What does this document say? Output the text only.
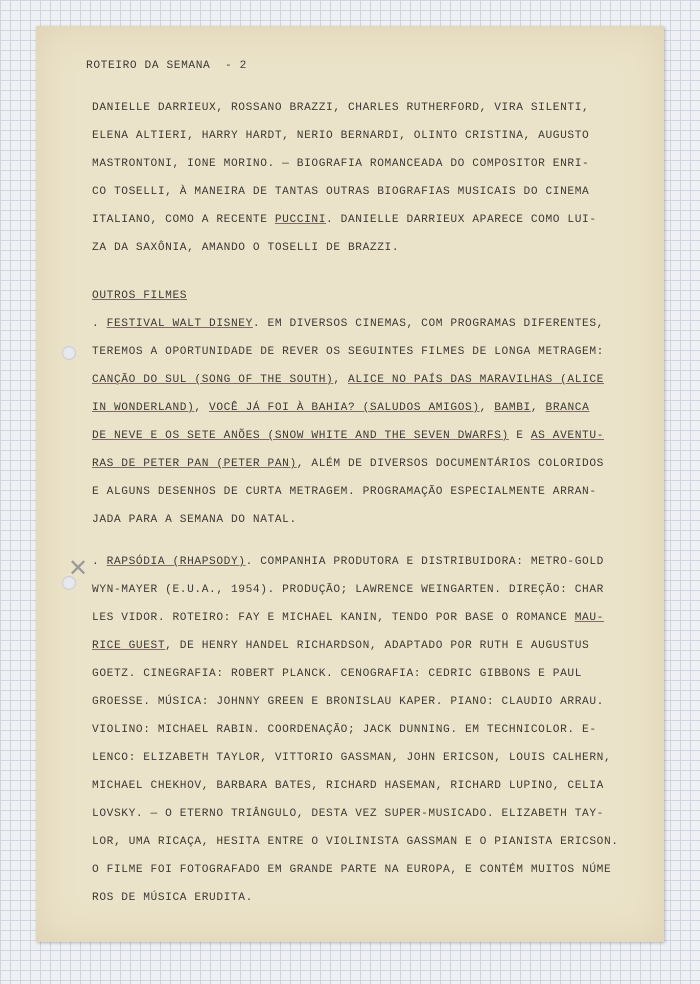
✕
ROTEIRO DA SEMANA - 2
DANIELLE DARRIEUX, ROSSANO BRAZZI, CHARLES RUTHERFORD, VIRA SILENTI,
ELENA ALTIERI, HARRY HARDT, NERIO BERNARDI, OLINTO CRISTINA, AUGUSTO
MASTRONTONI, IONE MORINO. — BIOGRAFIA ROMANCEADA DO COMPOSITOR ENRI-
CO TOSELLI, À MANEIRA DE TANTAS OUTRAS BIOGRAFIAS MUSICAIS DO CINEMA
ITALIANO, COMO A RECENTE PUCCINI. DANIELLE DARRIEUX APARECE COMO LUI-
ZA DA SAXÔNIA, AMANDO O TOSELLI DE BRAZZI.
OUTROS FILMES
. FESTIVAL WALT DISNEY. EM DIVERSOS CINEMAS, COM PROGRAMAS DIFERENTES,
TEREMOS A OPORTUNIDADE DE REVER OS SEGUINTES FILMES DE LONGA METRAGEM:
CANÇÃO DO SUL (SONG OF THE SOUTH), ALICE NO PAÍS DAS MARAVILHAS (ALICE
IN WONDERLAND), VOCÊ JÁ FOI À BAHIA? (SALUDOS AMIGOS), BAMBI, BRANCA
DE NEVE E OS SETE ANÕES (SNOW WHITE AND THE SEVEN DWARFS) E AS AVENTU-
RAS DE PETER PAN (PETER PAN), ALÉM DE DIVERSOS DOCUMENTÁRIOS COLORIDOS
E ALGUNS DESENHOS DE CURTA METRAGEM. PROGRAMAÇÃO ESPECIALMENTE ARRAN-
JADA PARA A SEMANA DO NATAL.
. RAPSÓDIA (RHAPSODY). COMPANHIA PRODUTORA E DISTRIBUIDORA: METRO-GOLD
WYN-MAYER (E.U.A., 1954). PRODUÇÃO; LAWRENCE WEINGARTEN. DIREÇÃO: CHAR
LES VIDOR. ROTEIRO: FAY E MICHAEL KANIN, TENDO POR BASE O ROMANCE MAU-
RICE GUEST, DE HENRY HANDEL RICHARDSON, ADAPTADO POR RUTH E AUGUSTUS
GOETZ. CINEGRAFIA: ROBERT PLANCK. CENOGRAFIA: CEDRIC GIBBONS E PAUL
GROESSE. MÚSICA: JOHNNY GREEN E BRONISLAU KAPER. PIANO: CLAUDIO ARRAU.
VIOLINO: MICHAEL RABIN. COORDENAÇÃO; JACK DUNNING. EM TECHNICOLOR. E-
LENCO: ELIZABETH TAYLOR, VITTORIO GASSMAN, JOHN ERICSON, LOUIS CALHERN,
MICHAEL CHEKHOV, BARBARA BATES, RICHARD HASEMAN, RICHARD LUPINO, CELIA
LOVSKY. — O ETERNO TRIÂNGULO, DESTA VEZ SUPER-MUSICADO. ELIZABETH TAY-
LOR, UMA RICAÇA, HESITA ENTRE O VIOLINISTA GASSMAN E O PIANISTA ERICSON.
O FILME FOI FOTOGRAFADO EM GRANDE PARTE NA EUROPA, E CONTÉM MUITOS NÚME
ROS DE MÚSICA ERUDITA.
